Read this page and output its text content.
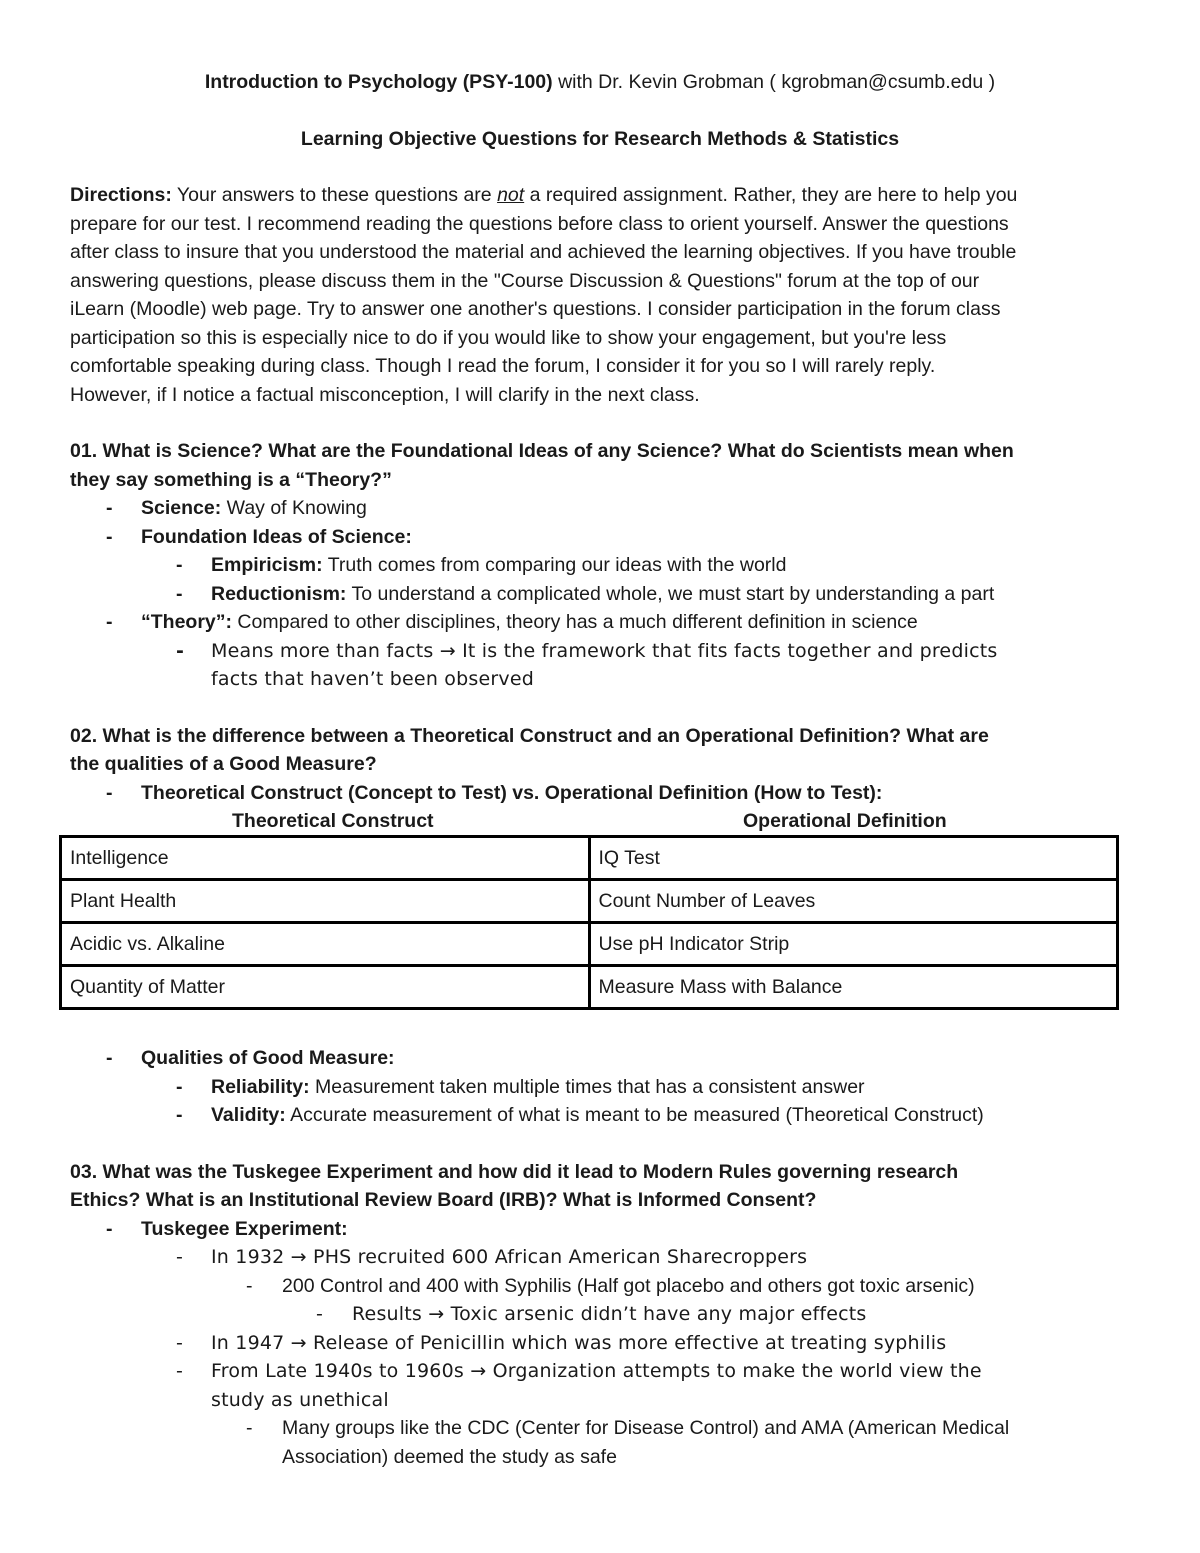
Introduction to Psychology (PSY-100) with Dr. Kevin Grobman ( kgrobman@csumb.edu )
Learning Objective Questions for Research Methods & Statistics
Directions: Your answers to these questions are not a required assignment. Rather, they are here to help you
prepare for our test. I recommend reading the questions before class to orient yourself. Answer the questions
after class to insure that you understood the material and achieved the learning objectives. If you have trouble
answering questions, please discuss them in the "Course Discussion & Questions" forum at the top of our
iLearn (Moodle) web page. Try to answer one another's questions. I consider participation in the forum class
participation so this is especially nice to do if you would like to show your engagement, but you're less
comfortable speaking during class. Though I read the forum, I consider it for you so I will rarely reply.
However, if I notice a factual misconception, I will clarify in the next class.
01. What is Science? What are the Foundational Ideas of any Science? What do Scientists mean when
they say something is a “Theory?”
- Science: Way of Knowing
- Foundation Ideas of Science:
- Empiricism: Truth comes from comparing our ideas with the world
- Reductionism: To understand a complicated whole, we must start by understanding a part
- “Theory”: Compared to other disciplines, theory has a much different definition in science
- Means more than facts → It is the framework that fits facts together and predicts
facts that haven’t been observed
02. What is the difference between a Theoretical Construct and an Operational Definition? What are
the qualities of a Good Measure?
- Theoretical Construct (Concept to Test) vs. Operational Definition (How to Test):
Theoretical Construct	Operational Definition
Intelligence	IQ Test
Plant Health	Count Number of Leaves
Acidic vs. Alkaline	Use pH Indicator Strip
Quantity of Matter	Measure Mass with Balance
- Qualities of Good Measure:
- Reliability: Measurement taken multiple times that has a consistent answer
- Validity: Accurate measurement of what is meant to be measured (Theoretical Construct)
03. What was the Tuskegee Experiment and how did it lead to Modern Rules governing research
Ethics? What is an Institutional Review Board (IRB)? What is Informed Consent?
- Tuskegee Experiment:
- In 1932 → PHS recruited 600 African American Sharecroppers
- 200 Control and 400 with Syphilis (Half got placebo and others got toxic arsenic)
- Results → Toxic arsenic didn’t have any major effects
- In 1947 → Release of Penicillin which was more effective at treating syphilis
- From Late 1940s to 1960s → Organization attempts to make the world view the
study as unethical
- Many groups like the CDC (Center for Disease Control) and AMA (American Medical
Association) deemed the study as safe
